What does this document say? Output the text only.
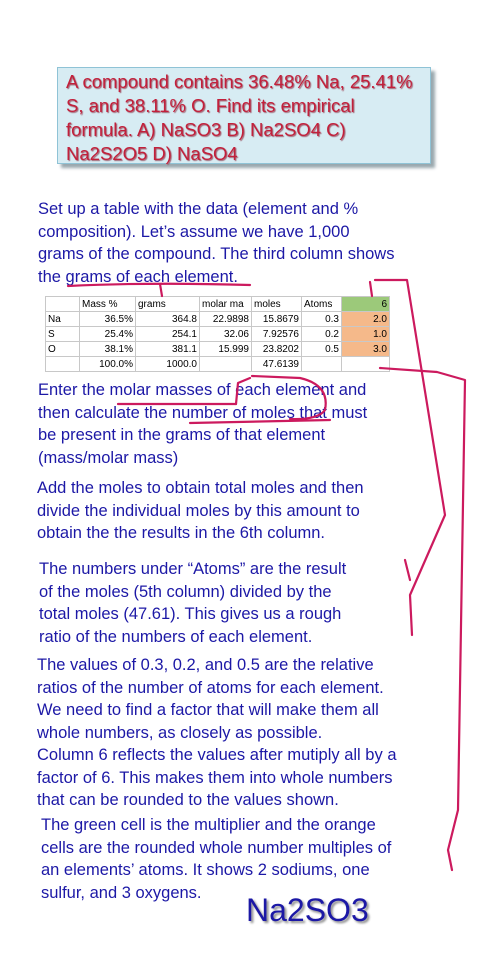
A compound contains 36.48% Na, 25.41%
S, and 38.11% O. Find its empirical
formula. A) NaSO3 B) Na2SO4 C)
Na2S2O5 D) NaSO4
Set up a table with the data (element and %
composition). Let’s assume we have 1,000
grams of the compound. The third column shows
the grams of each element.
	Mass %	grams	molar ma	moles	Atoms	6
Na	36.5%	364.8	22.9898	15.8679	0.3	2.0
S	25.4%	254.1	32.06	7.92576	0.2	1.0
O	38.1%	381.1	15.999	23.8202	0.5	3.0
	100.0%	1000.0		47.6139		
Enter the molar masses of each element and
then calculate the number of moles that must
be present in the grams of that element
(mass/molar mass)
Add the moles to obtain total moles and then
divide the individual moles by this amount to
obtain the the results in the 6th column.
The numbers under “Atoms” are the result
of the moles (5th column) divided by the
total moles (47.61). This gives us a rough
ratio of the numbers of each element.
The values of 0.3, 0.2, and 0.5 are the relative
ratios of the number of atoms for each element.
We need to find a factor that will make them all
whole numbers, as closely as possible.
Column 6 reflects the values after mutiply all by a
factor of 6. This makes them into whole numbers
that can be rounded to the values shown.
The green cell is the multiplier and the orange
cells are the rounded whole number multiples of
an elements’ atoms. It shows 2 sodiums, one
sulfur, and 3 oxygens.	Na2SO3
